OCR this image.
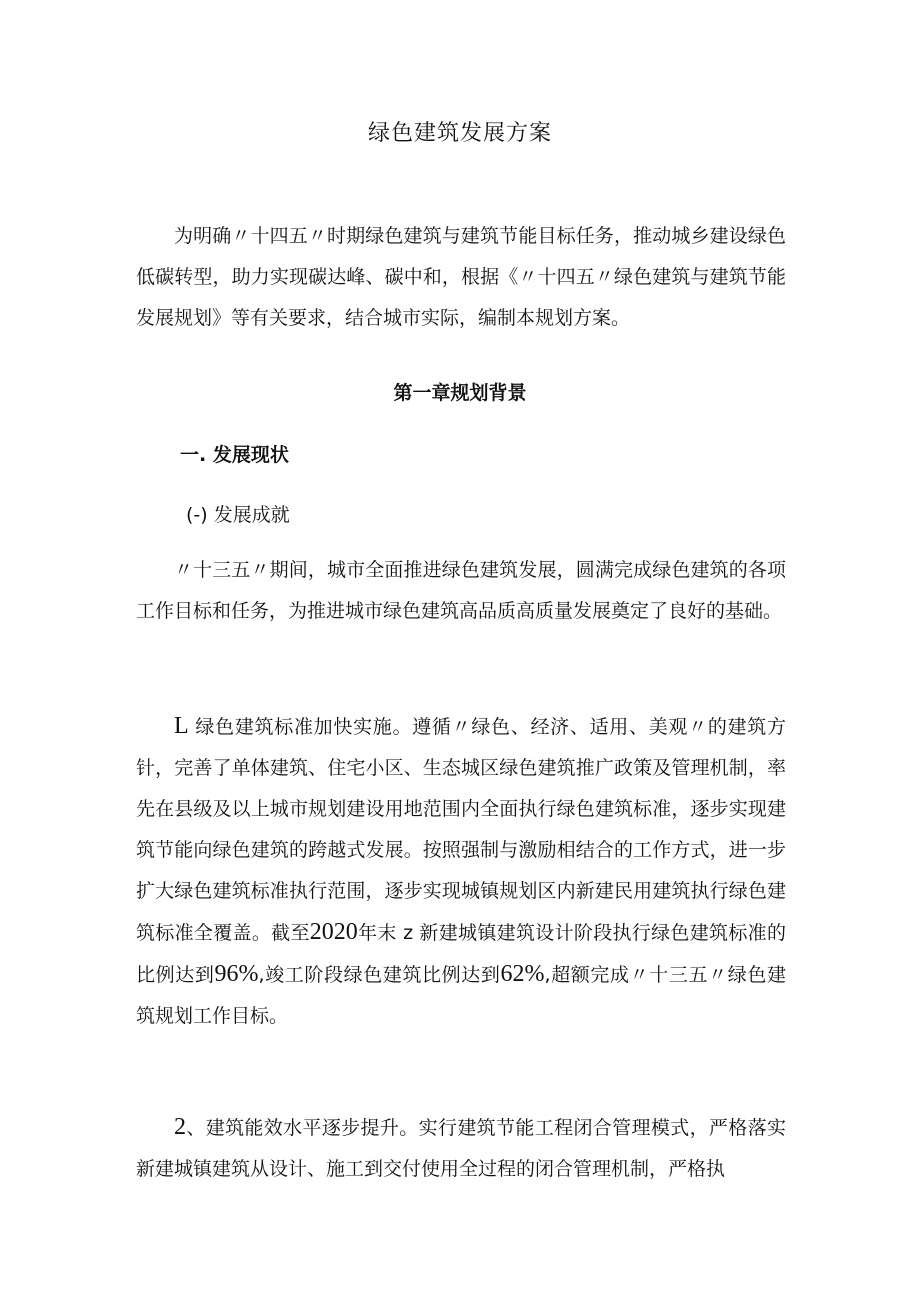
绿色建筑发展方案

为明确〃十四五〃时期绿色建筑与建筑节能目标任务，推动城乡建设绿色低碳转型，助力实现碳达峰、碳中和，根据《〃十四五〃绿色建筑与建筑节能发展规划》等有关要求，结合城市实际，编制本规划方案。

第一章规划背景
一. 发展现状
(-) 发展成就

〃十三五〃期间，城市全面推进绿色建筑发展，圆满完成绿色建筑的各项工作目标和任务，为推进城市绿色建筑高品质高质量发展奠定了良好的基础。

L 绿色建筑标准加快实施。遵循〃绿色、经济、适用、美观〃的建筑方针，完善了单体建筑、住宅小区、生态城区绿色建筑推广政策及管理机制，率先在县级及以上城市规划建设用地范围内全面执行绿色建筑标准，逐步实现建筑节能向绿色建筑的跨越式发展。按照强制与激励相结合的工作方式，进一步扩大绿色建筑标准执行范围，逐步实现城镇规划区内新建民用建筑执行绿色建筑标准全覆盖。截至2020年末 z 新建城镇建筑设计阶段执行绿色建筑标准的比例达到96%,竣工阶段绿色建筑比例达到62%,超额完成〃十三五〃绿色建筑规划工作目标。

2、建筑能效水平逐步提升。实行建筑节能工程闭合管理模式，严格落实新建城镇建筑从设计、施工到交付使用全过程的闭合管理机制，严格执
